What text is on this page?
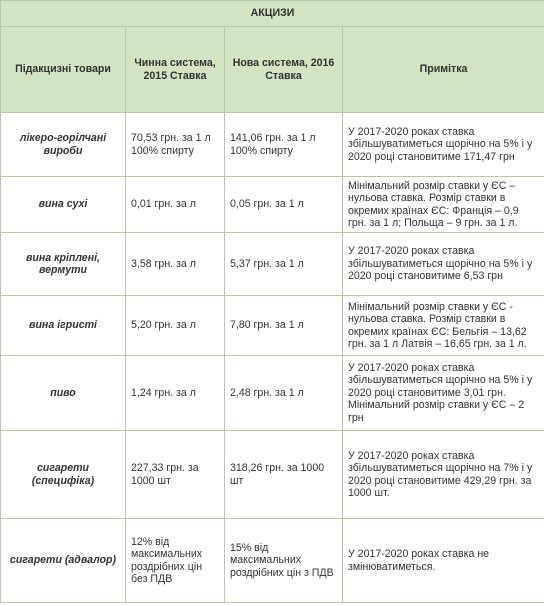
АКЦИЗИ			
Підакцизні товари	Чинна система, 2015 Ставка	Нова система, 2016 Ставка	Примітка
лікеро-горілчані вироби	70,53 грн. за 1 л 100% спирту	141,06 грн. за 1 л 100% спирту	У 2017-2020 роках ставка збільшуватиметься щорічно на 5% і у 2020 році становитиме 171,47 грн
вина сухі	0,01 грн. за л	0,05 грн. за 1 л	Мінімальний розмір ставки у ЄС – нульова ставка. Розмір ставки в окремих країнах ЄС: Франція – 0,9 грн. за 1 л; Польща – 9 грн. за 1 л.
вина кріплені, вермути	3,58 грн. за л	5,37 грн. за 1 л	У 2017-2020 роках ставка збільшуватиметься щорічно на 5% і у 2020 році становитиме 6,53 грн
вина ігристі	5,20 грн. за л	7,80 грн. за 1 л	Мінімальний розмір ставки у ЄС - нульова ставка. Розмір ставки в окремих країнах ЄС: Бельгія – 13,62 грн. за 1 л Латвія – 16,65 грн. за 1 л.
пиво	1,24 грн. за л	2,48 грн. за 1 л	У 2017-2020 роках ставка збільшуватиметься щорічно на 5% і у 2020 році становитиме 3,01 грн. Мінімальний розмір ставки у ЄС – 2 грн
сигарети (специфіка)	227,33 грн. за 1000 шт	318,26 грн. за 1000 шт	У 2017-2020 роках ставка збільшуватиметься щорічно на 7% і у 2020 році становитиме 429,29 грн. за 1000 шт.
сигарети (адвалор)	12% від максимальних роздрібних цін без ПДВ	15% від максимальних роздрібних цін з ПДВ	У 2017-2020 роках ставка не змінюватиметься.
